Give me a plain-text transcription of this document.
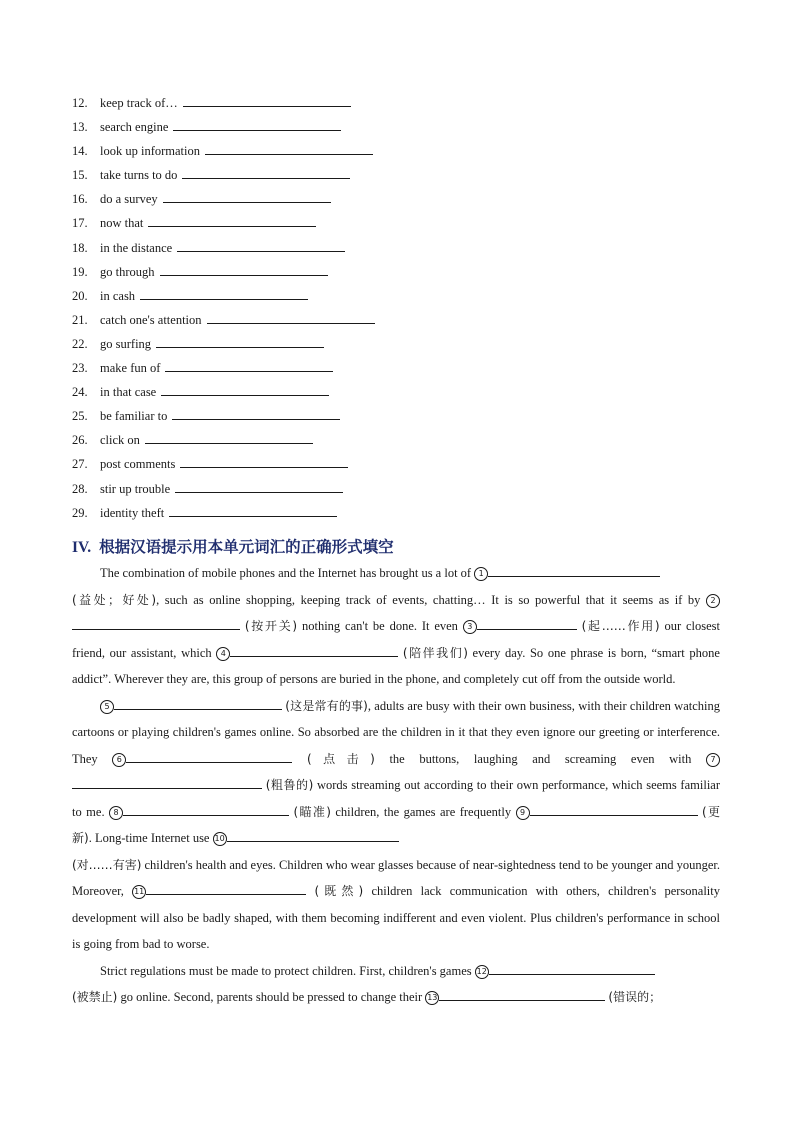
12. keep track of…
13. search engine
14. look up information
15. take turns to do
16. do a survey
17. now that
18. in the distance
19. go through
20. in cash
21. catch one's attention
22. go surfing
23. make fun of
24. in that case
25. be familiar to
26. click on
27. post comments
28. stir up trouble
29. identity theft
IV. 根据汉语提示用本单元词汇的正确形式填空

The combination of mobile phones and the Internet has brought us a lot of 1
(益处；好处), such as online shopping, keeping track of events, chatting… It is so powerful that it seems as if by 2 (按开关) nothing can't be done. It even 3	(起……作用) our closest friend, our assistant, which 4	(陪伴我们) every day. So one phrase is born, “smart phone addict”. Wherever they are, this group of persons are buried in the phone, and completely cut off from the outside world.

5	(这是常有的事), adults are busy with their own business, with their children watching cartoons or playing children's games online. So absorbed are the children in it that they even ignore our greeting or interference. They 6	(点击) the buttons, laughing and screaming even with 7 (粗鲁的) words streaming out according to their own performance, which seems familiar to me. 8	(瞄准) children, the games are frequently 9	(更新). Long-time Internet use 10
(对……有害) children's health and eyes. Children who wear glasses because of near-sightedness tend to be younger and younger. Moreover, 11	(既然) children lack communication with others, children's personality development will also be badly shaped, with them becoming indifferent and even violent. Plus children's performance in school is going from bad to worse.

Strict regulations must be made to protect children. First, children's games 12
(被禁止) go online. Second, parents should be pressed to change their 13	(错误的；
